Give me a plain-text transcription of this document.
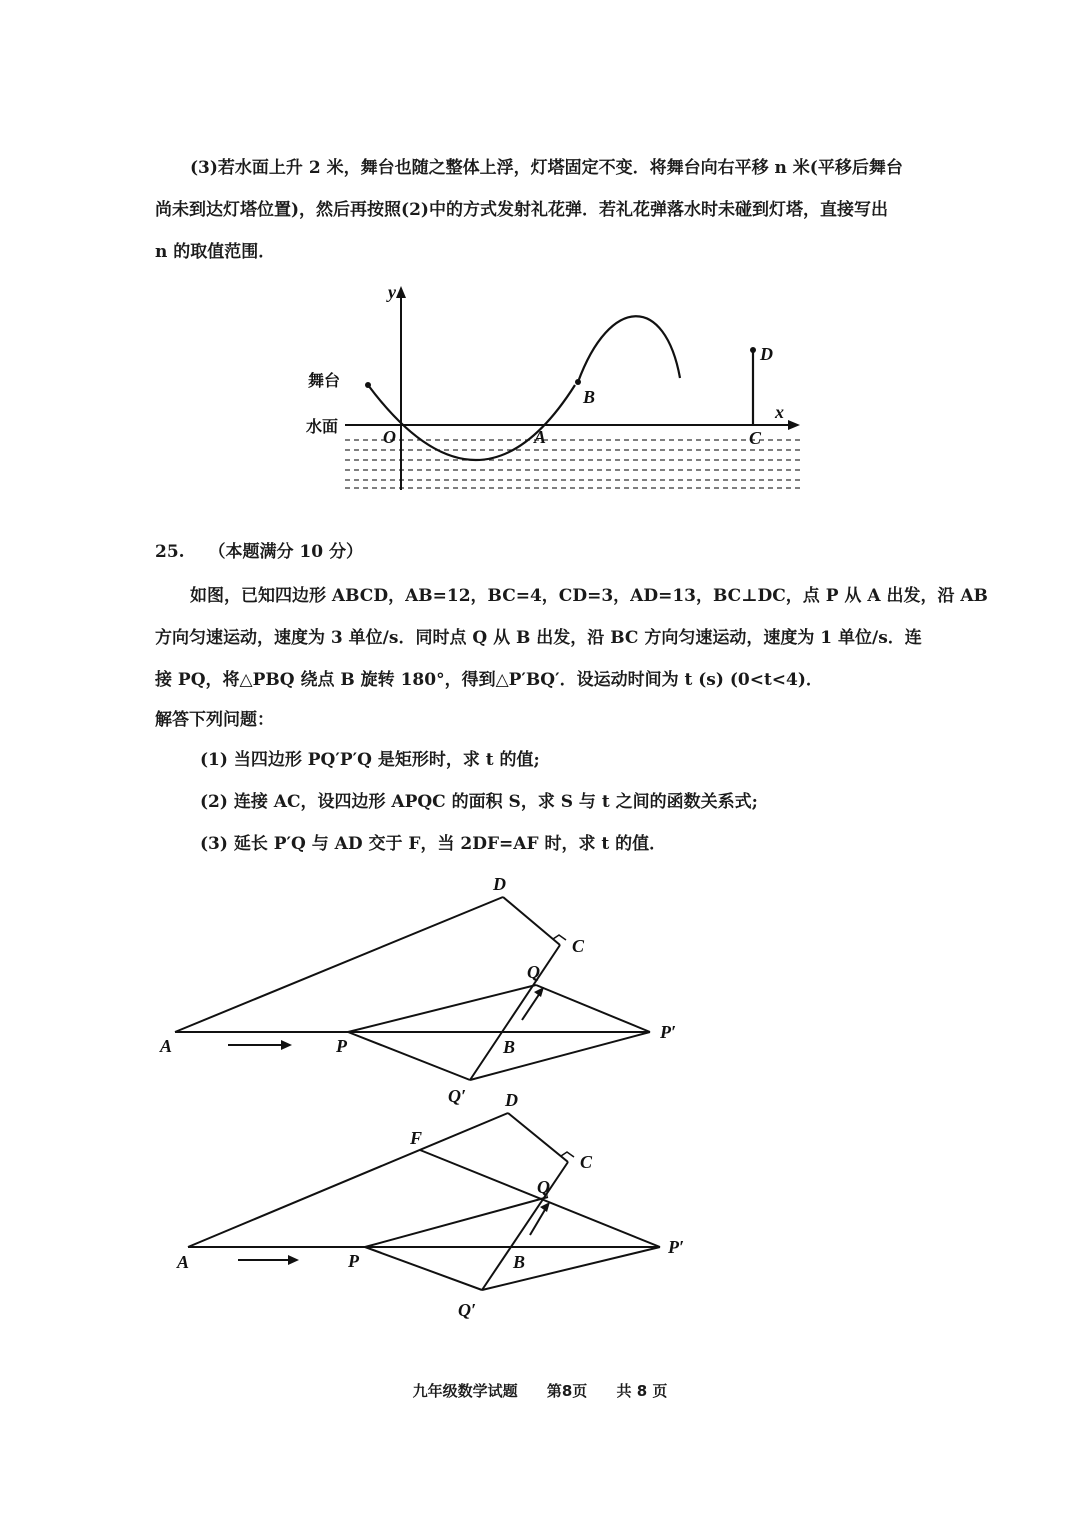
(3)若水面上升 2 米，舞台也随之整体上浮，灯塔固定不变．将舞台向右平移 n 米(平移后舞台
尚未到达灯塔位置)，然后再按照(2)中的方式发射礼花弹．若礼花弹落水时未碰到灯塔，直接写出
n 的取值范围．
y
x
舞台
水面
O	A
B
C
D
25. （本题满分 10 分）
如图，已知四边形 ABCD，AB=12，BC=4，CD=3，AD=13，BC⊥DC，点 P 从 A 出发，沿 AB
方向匀速运动，速度为 3 单位/s．同时点 Q 从 B 出发，沿 BC 方向匀速运动，速度为 1 单位/s．连
接 PQ，将△PBQ 绕点 B 旋转 180°，得到△P′BQ′．设运动时间为 t (s) (0<t<4)．
解答下列问题：
(1) 当四边形 PQ′P′Q 是矩形时，求 t 的值;
(2) 连接 AC，设四边形 APQC 的面积 S，求 S 与 t 之间的函数关系式;
(3) 延长 P′Q 与 AD 交于 F，当 2DF=AF 时，求 t 的值．
A
D
C
Q
P	B
P′
Q′
A
D
F
C
Q
P	B
P′
Q′
九年级数学试题 第8页 共 8 页
